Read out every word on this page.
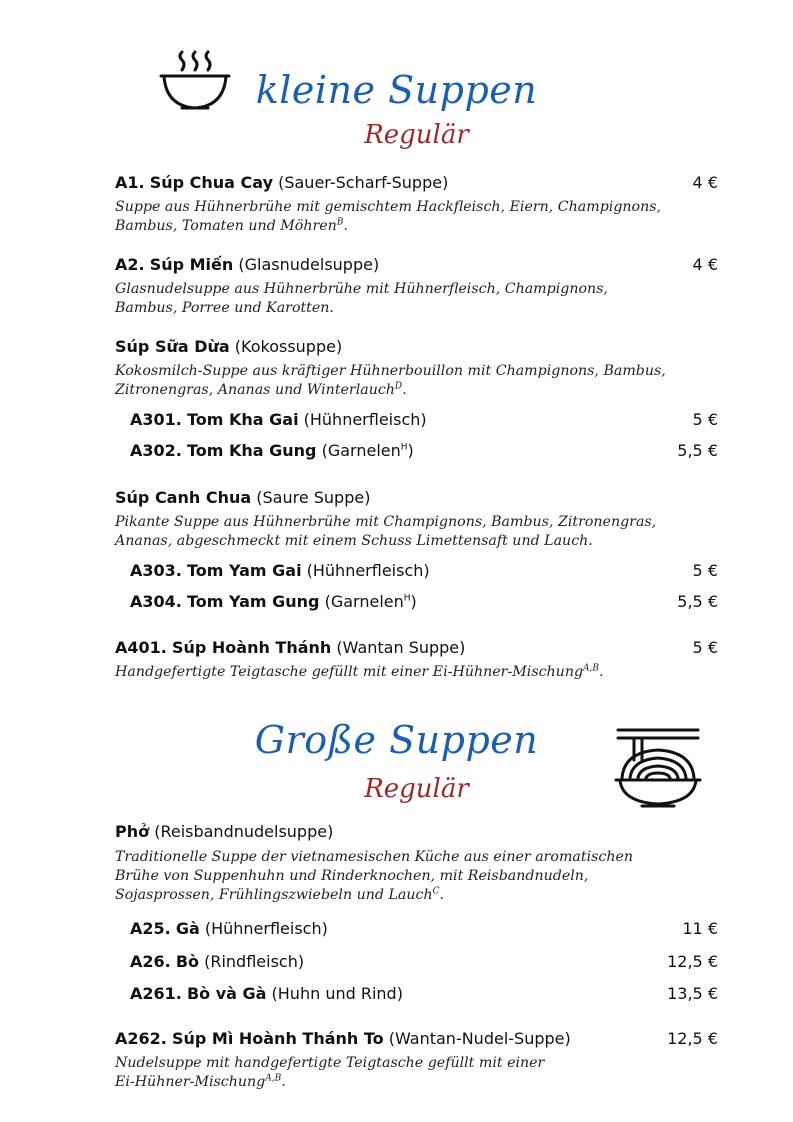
kleine Suppen
Regulär
A1. Súp Chua Cay (Sauer-Scharf-Suppe)	4 €
Suppe aus Hühnerbrühe mit gemischtem Hackfleisch, Eiern, Champignons,
Bambus, Tomaten und Möhren$^B$.
A2. Súp Miến (Glasnudelsuppe)	4 €
Glasnudelsuppe aus Hühnerbrühe mit Hühnerfleisch, Champignons,
Bambus, Porree und Karotten.
Súp Sữa Dừa (Kokossuppe)
Kokosmilch-Suppe aus kräftiger Hühnerbouillon mit Champignons, Bambus,
Zitronengras, Ananas und Winterlauch$^D$.
A301. Tom Kha Gai (Hühnerfleisch)	5 €
A302. Tom Kha Gung (Garnelen$^H$)	5,5 €
Súp Canh Chua (Saure Suppe)
Pikante Suppe aus Hühnerbrühe mit Champignons, Bambus, Zitronengras,
Ananas, abgeschmeckt mit einem Schuss Limettensaft und Lauch.
A303. Tom Yam Gai (Hühnerfleisch)	5 €
A304. Tom Yam Gung (Garnelen$^H$)	5,5 €
A401. Súp Hoành Thánh (Wantan Suppe)	5 €
Handgefertigte Teigtasche gefüllt mit einer Ei-Hühner-Mischung$^{A,B}$.
Große Suppen
Regulär
Phở (Reisbandnudelsuppe)
Traditionelle Suppe der vietnamesischen Küche aus einer aromatischen
Brühe von Suppenhuhn und Rinderknochen, mit Reisbandnudeln,
Sojasprossen, Frühlingszwiebeln und Lauch$^C$.
A25. Gà (Hühnerfleisch)	11 €
A26. Bò (Rindfleisch)	12,5 €
A261. Bò và Gà (Huhn und Rind)	13,5 €
A262. Súp Mì Hoành Thánh To (Wantan-Nudel-Suppe)	12,5 €
Nudelsuppe mit handgefertigte Teigtasche gefüllt mit einer
Ei-Hühner-Mischung$^{A,B}$.
